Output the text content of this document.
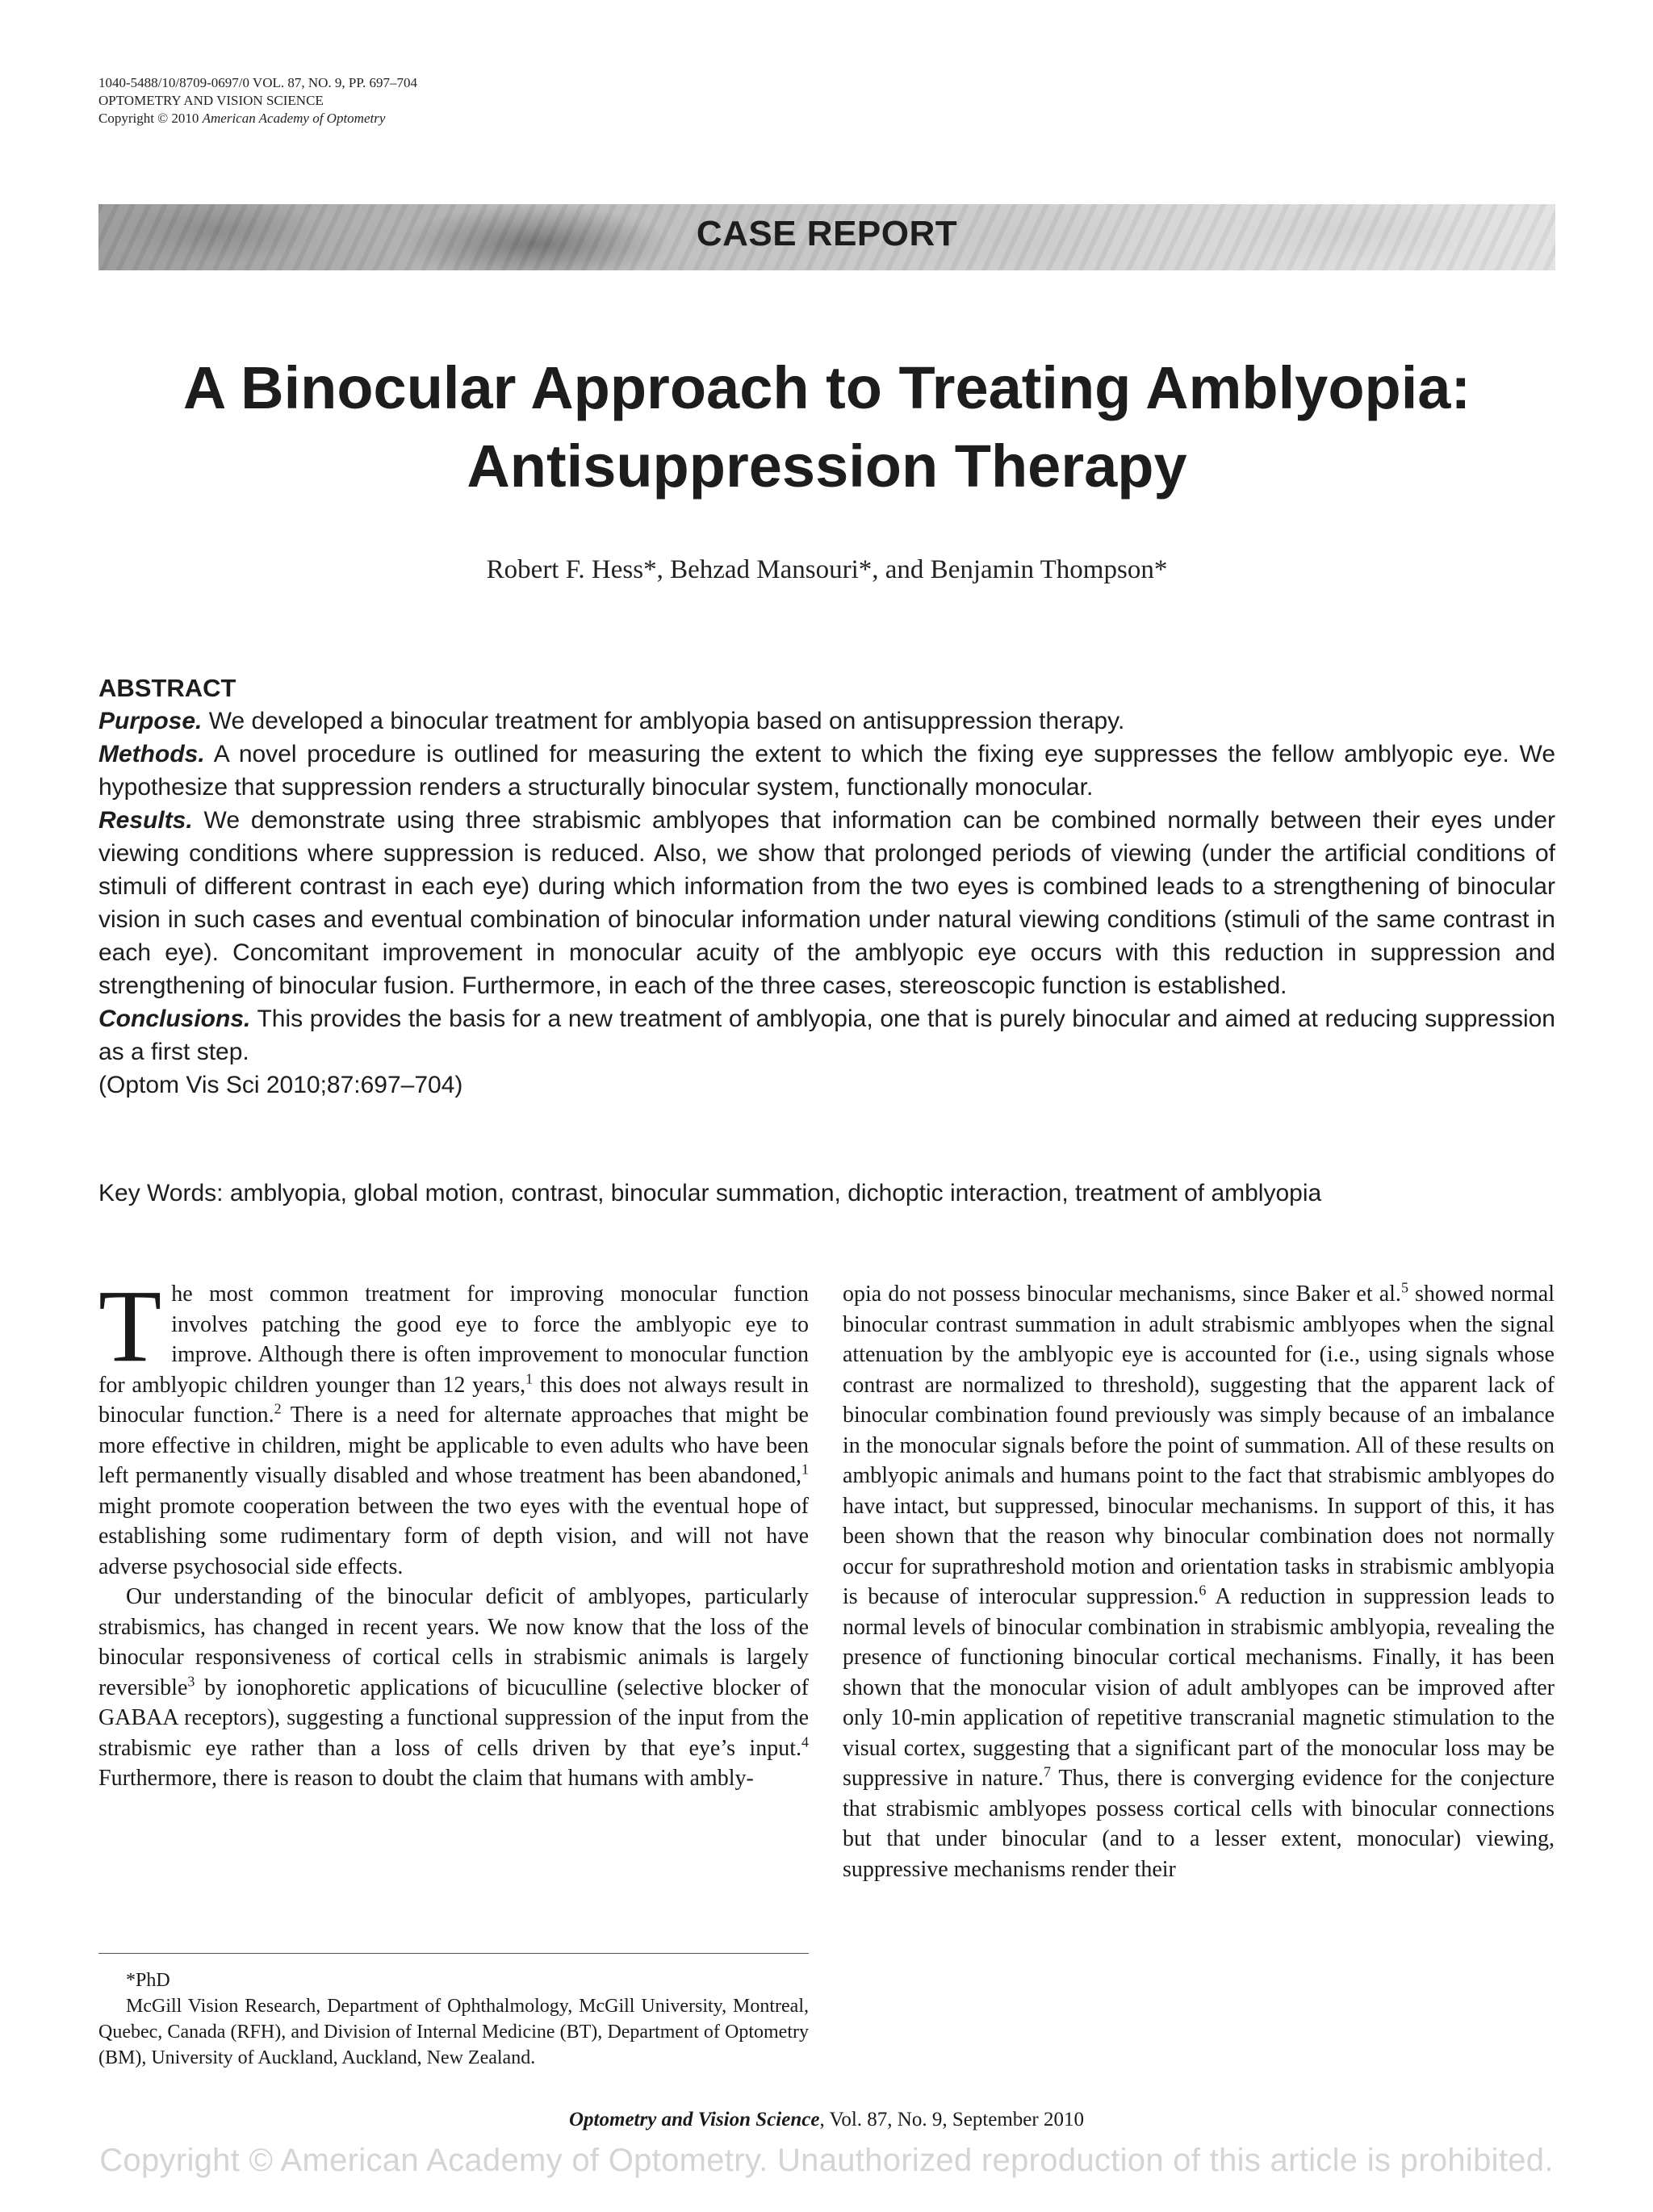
1040-5488/10/8709-0697/0 VOL. 87, NO. 9, PP. 697–704
OPTOMETRY AND VISION SCIENCE
Copyright © 2010 American Academy of Optometry
CASE REPORT
A Binocular Approach to Treating Amblyopia:
Antisuppression Therapy
Robert F. Hess*, Behzad Mansouri*, and Benjamin Thompson*

ABSTRACT

Purpose. We developed a binocular treatment for amblyopia based on antisuppression therapy.

Methods. A novel procedure is outlined for measuring the extent to which the fixing eye suppresses the fellow amblyopic eye. We hypothesize that suppression renders a structurally binocular system, functionally monocular.

Results. We demonstrate using three strabismic amblyopes that information can be combined normally between their eyes under viewing conditions where suppression is reduced. Also, we show that prolonged periods of viewing (under the artificial conditions of stimuli of different contrast in each eye) during which information from the two eyes is combined leads to a strengthening of binocular vision in such cases and eventual combination of binocular information under natural viewing conditions (stimuli of the same contrast in each eye). Concomitant improvement in monocular acuity of the amblyopic eye occurs with this reduction in suppression and strengthening of binocular fusion. Furthermore, in each of the three cases, stereoscopic function is established.

Conclusions. This provides the basis for a new treatment of amblyopia, one that is purely binocular and aimed at reducing suppression as a first step.

(Optom Vis Sci 2010;87:697–704)

Key Words: amblyopia, global motion, contrast, binocular summation, dichoptic interaction, treatment of amblyopia

The most common treatment for improving monocular function involves patching the good eye to force the amblyopic eye to improve. Although there is often improvement to monocular function for amblyopic children younger than 12 years,$^1$ this does not always result in binocular function.$^2$ There is a need for alternate approaches that might be more effective in children, might be applicable to even adults who have been left permanently visually disabled and whose treatment has been abandoned,$^1$ might promote cooperation between the two eyes with the eventual hope of establishing some rudimentary form of depth vision, and will not have adverse psychosocial side effects.

Our understanding of the binocular deficit of amblyopes, particularly strabismics, has changed in recent years. We now know that the loss of the binocular responsiveness of cortical cells in strabismic animals is largely reversible$^3$ by ionophoretic applications of bicuculline (selective blocker of GABAA receptors), suggesting a functional suppression of the input from the strabismic eye rather than a loss of cells driven by that eye’s input.$^4$ Furthermore, there is reason to doubt the claim that humans with ambly-

opia do not possess binocular mechanisms, since Baker et al.$^5$ showed normal binocular contrast summation in adult strabismic amblyopes when the signal attenuation by the amblyopic eye is accounted for (i.e., using signals whose contrast are normalized to threshold), suggesting that the apparent lack of binocular combination found previously was simply because of an imbalance in the monocular signals before the point of summation. All of these results on amblyopic animals and humans point to the fact that strabismic amblyopes do have intact, but suppressed, binocular mechanisms. In support of this, it has been shown that the reason why binocular combination does not normally occur for suprathreshold motion and orientation tasks in strabismic amblyopia is because of interocular suppression.$^6$ A reduction in suppression leads to normal levels of binocular combination in strabismic amblyopia, revealing the presence of functioning binocular cortical mechanisms. Finally, it has been shown that the monocular vision of adult amblyopes can be improved after only 10-min application of repetitive transcranial magnetic stimulation to the visual cortex, suggesting that a significant part of the monocular loss may be suppressive in nature.$^7$ Thus, there is converging evidence for the conjecture that strabismic amblyopes possess cortical cells with binocular connections but that under binocular (and to a lesser extent, monocular) viewing, suppressive mechanisms render their

*PhD

McGill Vision Research, Department of Ophthalmology, McGill University, Montreal, Quebec, Canada (RFH), and Division of Internal Medicine (BT), Department of Optometry (BM), University of Auckland, Auckland, New Zealand.

Optometry and Vision Science, Vol. 87, No. 9, September 2010
Copyright © American Academy of Optometry. Unauthorized reproduction of this article is prohibited.
